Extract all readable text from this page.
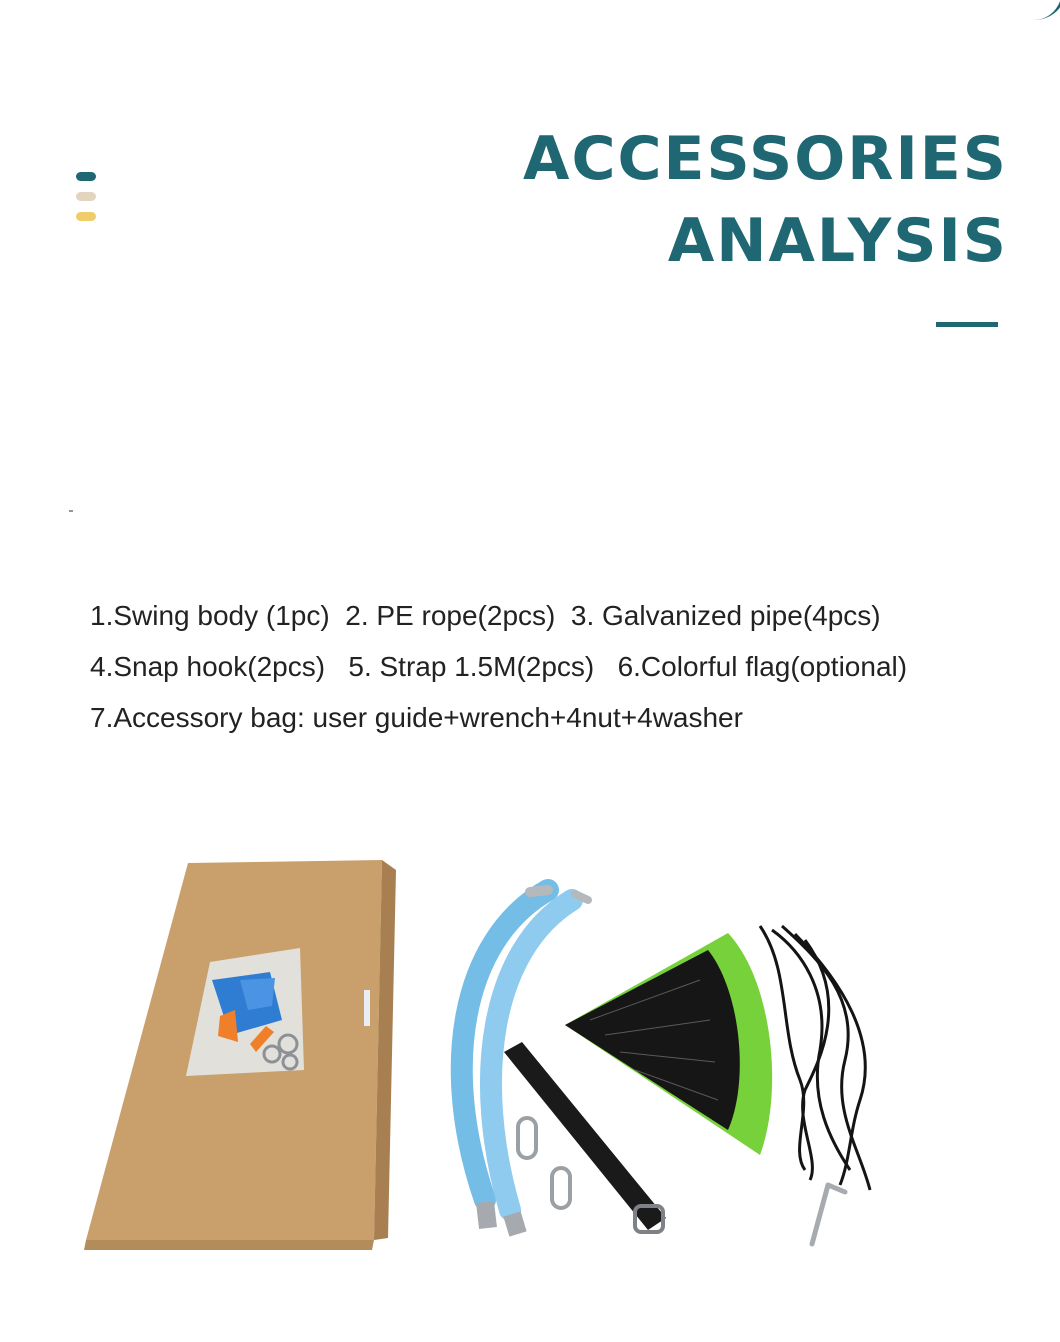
ACCESSORIES
ANALYSIS
1.Swing body (1pc)  2. PE rope(2pcs)  3. Galvanized pipe(4pcs)
4.Snap hook(2pcs)   5. Strap 1.5M(2pcs)   6.Colorful flag(optional)
7.Accessory bag: user guide+wrench+4nut+4washer
